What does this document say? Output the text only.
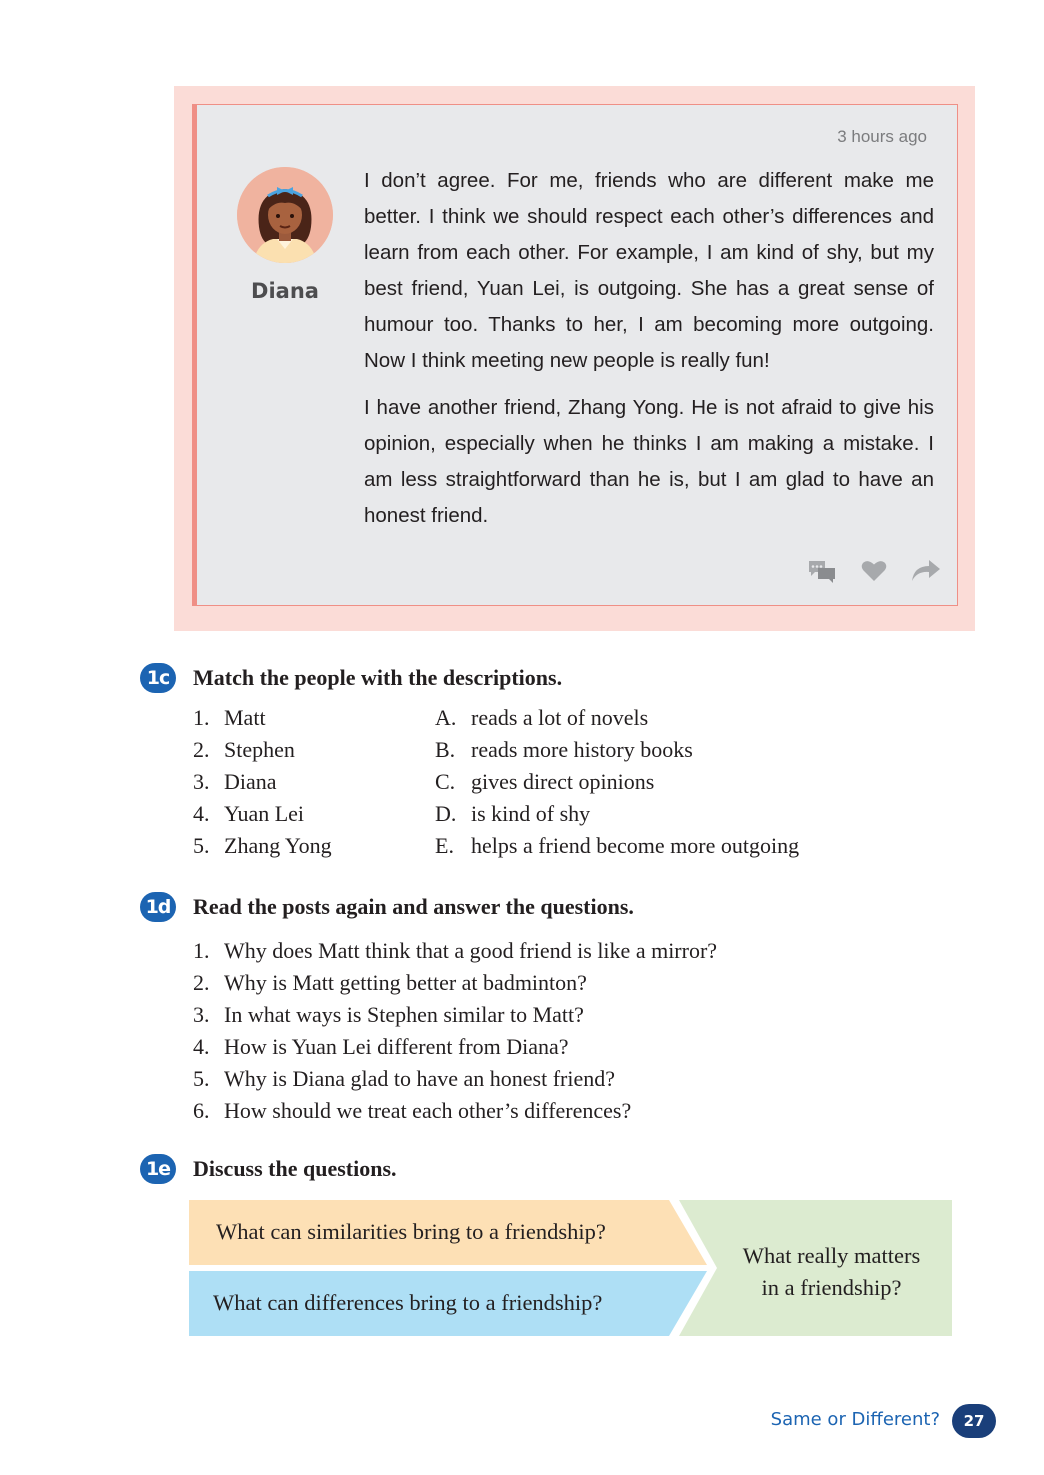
3 hours ago
Diana

I don’t agree. For me, friends who are different make me better. I think we should respect each other’s differences and learn from each other. For example, I am kind of shy, but my best friend, Yuan Lei, is outgoing. She has a great sense of humour too. Thanks to her, I am becoming more outgoing. Now I think meeting new people is really fun!

I have another friend, Zhang Yong. He is not afraid to give his opinion, especially when he thinks I am making a mistake. I am less straightforward than he is, but I am glad to have an honest friend.

1c	Match the people with the descriptions.
1. Matt
2. Stephen
3. Diana
4. Yuan Lei
5. Zhang Yong
A. reads a lot of novels
B. reads more history books
C. gives direct opinions
D. is kind of shy
E. helps a friend become more outgoing
1d Read the posts again and answer the questions.
1. Why does Matt think that a good friend is like a mirror?
2. Why is Matt getting better at badminton?
3. In what ways is Stephen similar to Matt?
4. How is Yuan Lei different from Diana?
5. Why is Diana glad to have an honest friend?
6. How should we treat each other’s differences?
1e Discuss the questions.
What can similarities bring to a friendship?
What can differences bring to a friendship?
What really matters
in a friendship?
Same or Different?	27
